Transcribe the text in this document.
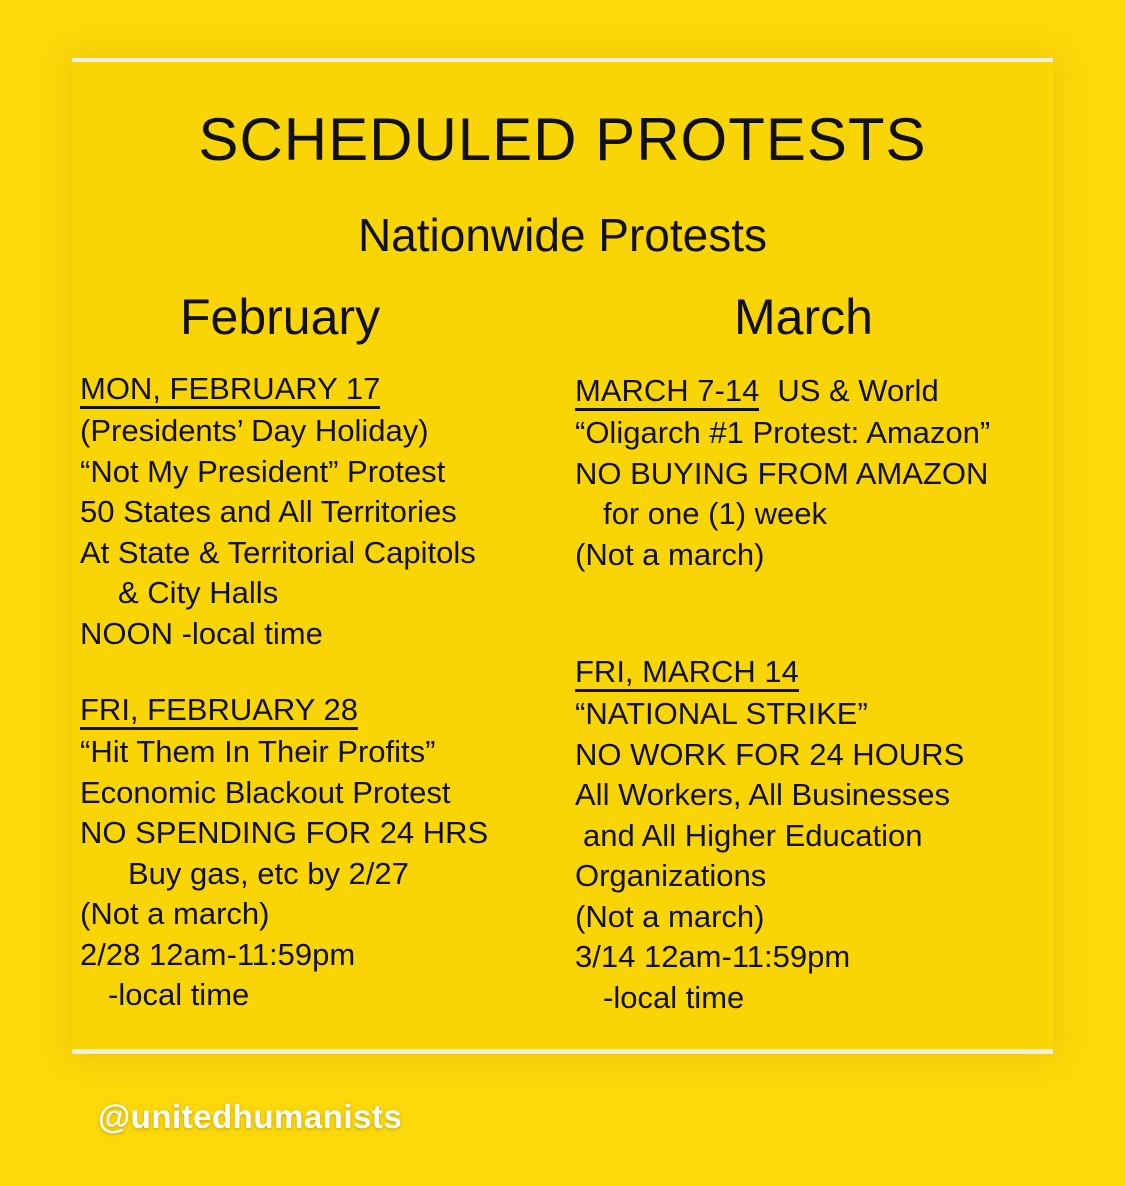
SCHEDULED PROTESTS
Nationwide Protests
February	March
MON, FEBRUARY 17
(Presidents’ Day Holiday)
“Not My President” Protest
50 States and All Territories
At State & Territorial Capitols
& City Halls
NOON -local time
FRI, FEBRUARY 28
“Hit Them In Their Profits”
Economic Blackout Protest
NO SPENDING FOR 24 HRS
Buy gas, etc by 2/27
(Not a march)
2/28 12am-11:59pm
-local time
MARCH 7-14 US & World
“Oligarch #1 Protest: Amazon”
NO BUYING FROM AMAZON
for one (1) week
(Not a march)
FRI, MARCH 14
“NATIONAL STRIKE”
NO WORK FOR 24 HOURS
All Workers, All Businesses
and All Higher Education
Organizations
(Not a march)
3/14 12am-11:59pm
-local time
@unitedhumanists
